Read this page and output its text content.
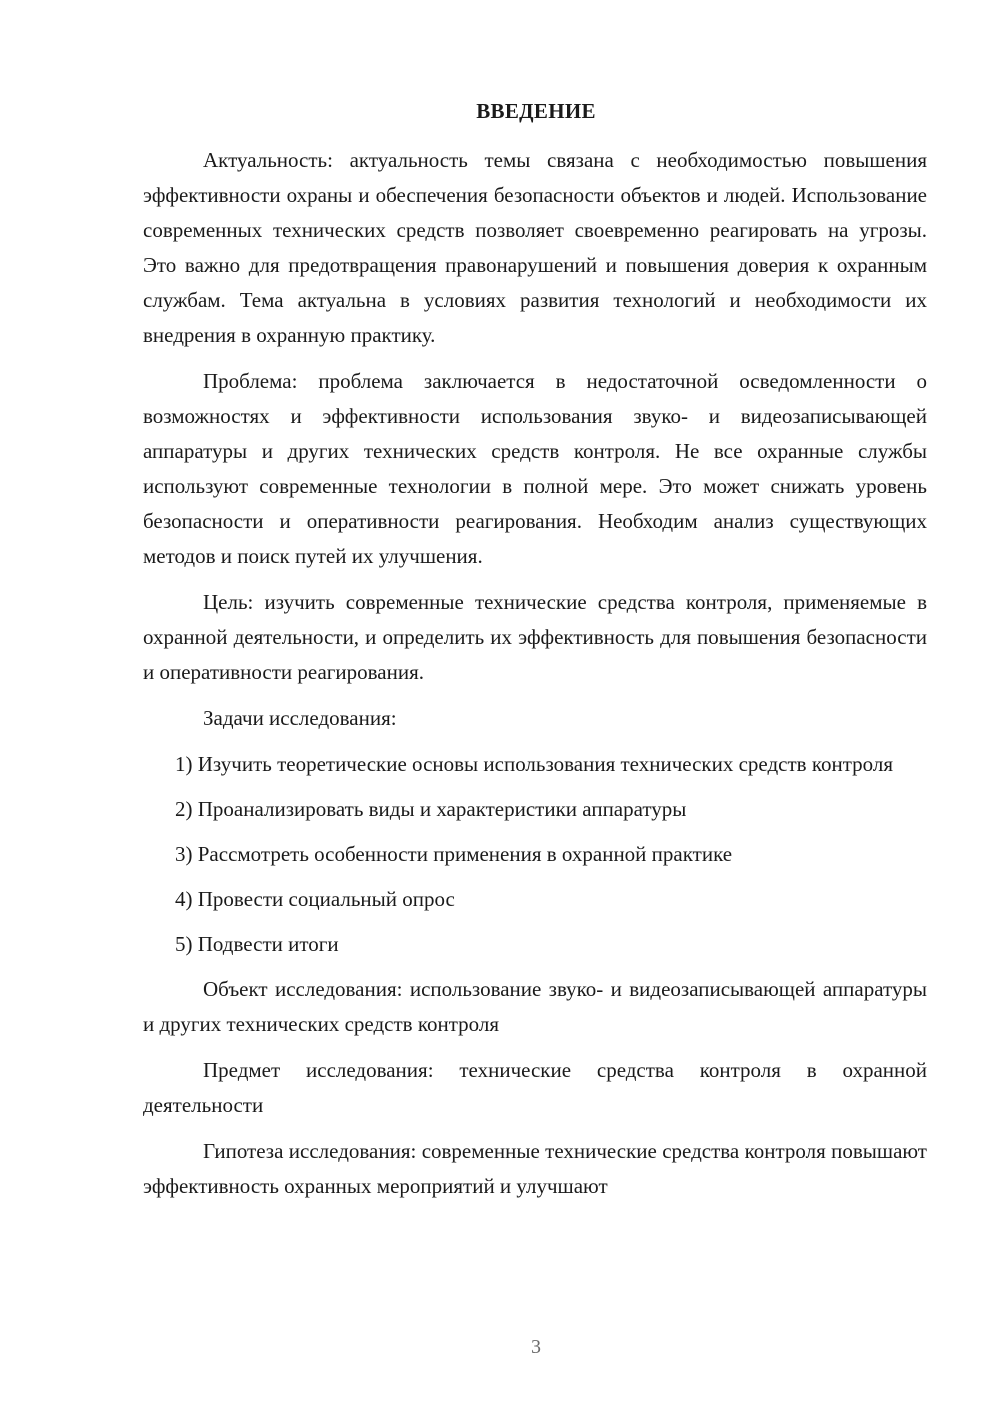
ВВЕДЕНИЕ

Актуальность: актуальность темы связана с необходимостью повышения эффективности охраны и обеспечения безопасности объектов и людей. Использование современных технических средств позволяет своевременно реагировать на угрозы. Это важно для предотвращения правонарушений и повышения доверия к охранным службам. Тема актуальна в условиях развития технологий и необходимости их внедрения в охранную практику.

Проблема: проблема заключается в недостаточной осведомленности о возможностях и эффективности использования звуко- и видеозаписывающей аппаратуры и других технических средств контроля. Не все охранные службы используют современные технологии в полной мере. Это может снижать уровень безопасности и оперативности реагирования. Необходим анализ существующих методов и поиск путей их улучшения.

Цель: изучить современные технические средства контроля, применяемые в охранной деятельности, и определить их эффективность для повышения безопасности и оперативности реагирования.

Задачи исследования:

1) Изучить теоретические основы использования технических средств контроля

2) Проанализировать виды и характеристики аппаратуры

3) Рассмотреть особенности применения в охранной практике

4) Провести социальный опрос

5) Подвести итоги

Объект исследования: использование звуко- и видеозаписывающей аппаратуры и других технических средств контроля

Предмет исследования: технические средства контроля в охранной деятельности

Гипотеза исследования: современные технические средства контроля повышают эффективность охранных мероприятий и улучшают

3
